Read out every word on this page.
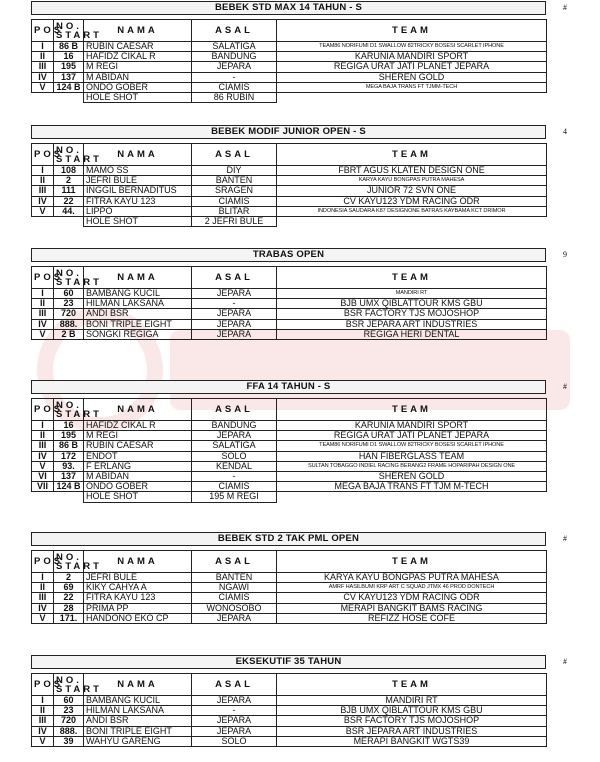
BEBEK STD MAX 14 TAHUN - S	#
POS	NO.
START	NAMA	ASAL	TEAM
I	86 B	RUBIN CAESAR	SALATIGA	TEAM86 NORIFUMI D1 SWALLOW 82TRICKY BOSESI SCARLET IPHONE
II	16	HAFIDZ CIKAL R	BANDUNG	KARUNIA MANDIRI SPORT
III	195	M REGI	JEPARA	REGIGA URAT JATI PLANET JEPARA
IV	137	M ABIDAN	-	SHEREN GOLD
V	124 B	ONDO GOBER	CIAMIS	MEGA BAJA TRANS FT TJMM-TECH
		HOLE SHOT	86 RUBIN	
BEBEK MODIF JUNIOR OPEN - S	4
POS	NO.
START	NAMA	ASAL	TEAM
I	108	MAMO SS	DIY	FBRT AGUS KLATEN DESIGN ONE
II	2	JEFRI BULE	BANTEN	KARYA KAYU BONGPAS PUTRA MAHESA
III	111	INGGIL BERNADITUS	SRAGEN	JUNIOR 72 SVN ONE
IV	22	FITRA KAYU 123	CIAMIS	CV KAYU123 YDM RACING ODR
V	44.	LIPPO	BLITAR	INDONESIA SAUDARA K87 DESIGNONE BATRAS KAYBAMA KCT DRIMOR
		HOLE SHOT	2 JEFRI BULE	
TRABAS OPEN	9
POS	NO.
START	NAMA	ASAL	TEAM
I	60	BAMBANG KUCIL	JEPARA	MANDIRI RT
II	23	HILMAN LAKSANA	-	BJB UMX QIBLATTOUR KMS GBU
III	720	ANDI BSR	JEPARA	BSR FACTORY TJS MOJOSHOP
IV	888.	BONI TRIPLE EIGHT	JEPARA	BSR JEPARA ART INDUSTRIES
V	2 B	SONGKI REGIGA	JEPARA	REGIGA HERI DENTAL
FFA 14 TAHUN - S	#
POS	NO.
START	NAMA	ASAL	TEAM
I	16	HAFIDZ CIKAL R	BANDUNG	KARUNIA MANDIRI SPORT
II	195	M REGI	JEPARA	REGIGA URAT JATI PLANET JEPARA
III	86 B	RUBIN CAESAR	SALATIGA	TEAM86 NORIFUMI D1 SWALLOW 82TRICKY BOSESI SCARLET IPHONE
IV	172	ENDOT	SOLO	HAN FIBERGLASS TEAM
V	93.	F ERLANG	KENDAL	SULTAN TOBAGGO INDIEL RACING BERANG2 FRAME HOPARIPAH DESIGN ONE
VI	137	M ABIDAN	-	SHEREN GOLD
VII	124 B	ONDO GOBER	CIAMIS	MEGA BAJA TRANS FT TJM M-TECH
		HOLE SHOT	195 M REGI	
BEBEK STD 2 TAK PML OPEN	#
POS	NO.
START	NAMA	ASAL	TEAM
I	2	JEFRI BULE	BANTEN	KARYA KAYU BONGPAS PUTRA MAHESA
II	69	KIKY CAHYA A	NGAWI	AMRF HASILBUMI KRP ART C SQUAD JTMX 46 PROD DONTECH
III	22	FITRA KAYU 123	CIAMIS	CV KAYU123 YDM RACING ODR
IV	28	PRIMA PP	WONOSOBO	MERAPI BANGKIT BAMS RACING
V	171.	HANDONO EKO CP	JEPARA	REFIZZ HOSE COFE
EKSEKUTIF 35 TAHUN	#
POS	NO.
START	NAMA	ASAL	TEAM
I	60	BAMBANG KUCIL	JEPARA	MANDIRI RT
II	23	HILMAN LAKSANA	-	BJB UMX QIBLATTOUR KMS GBU
III	720	ANDI BSR	JEPARA	BSR FACTORY TJS MOJOSHOP
IV	888.	BONI TRIPLE EIGHT	JEPARA	BSR JEPARA ART INDUSTRIES
V	39	WAHYU GARENG	SOLO	MERAPI BANGKIT WGTS39
